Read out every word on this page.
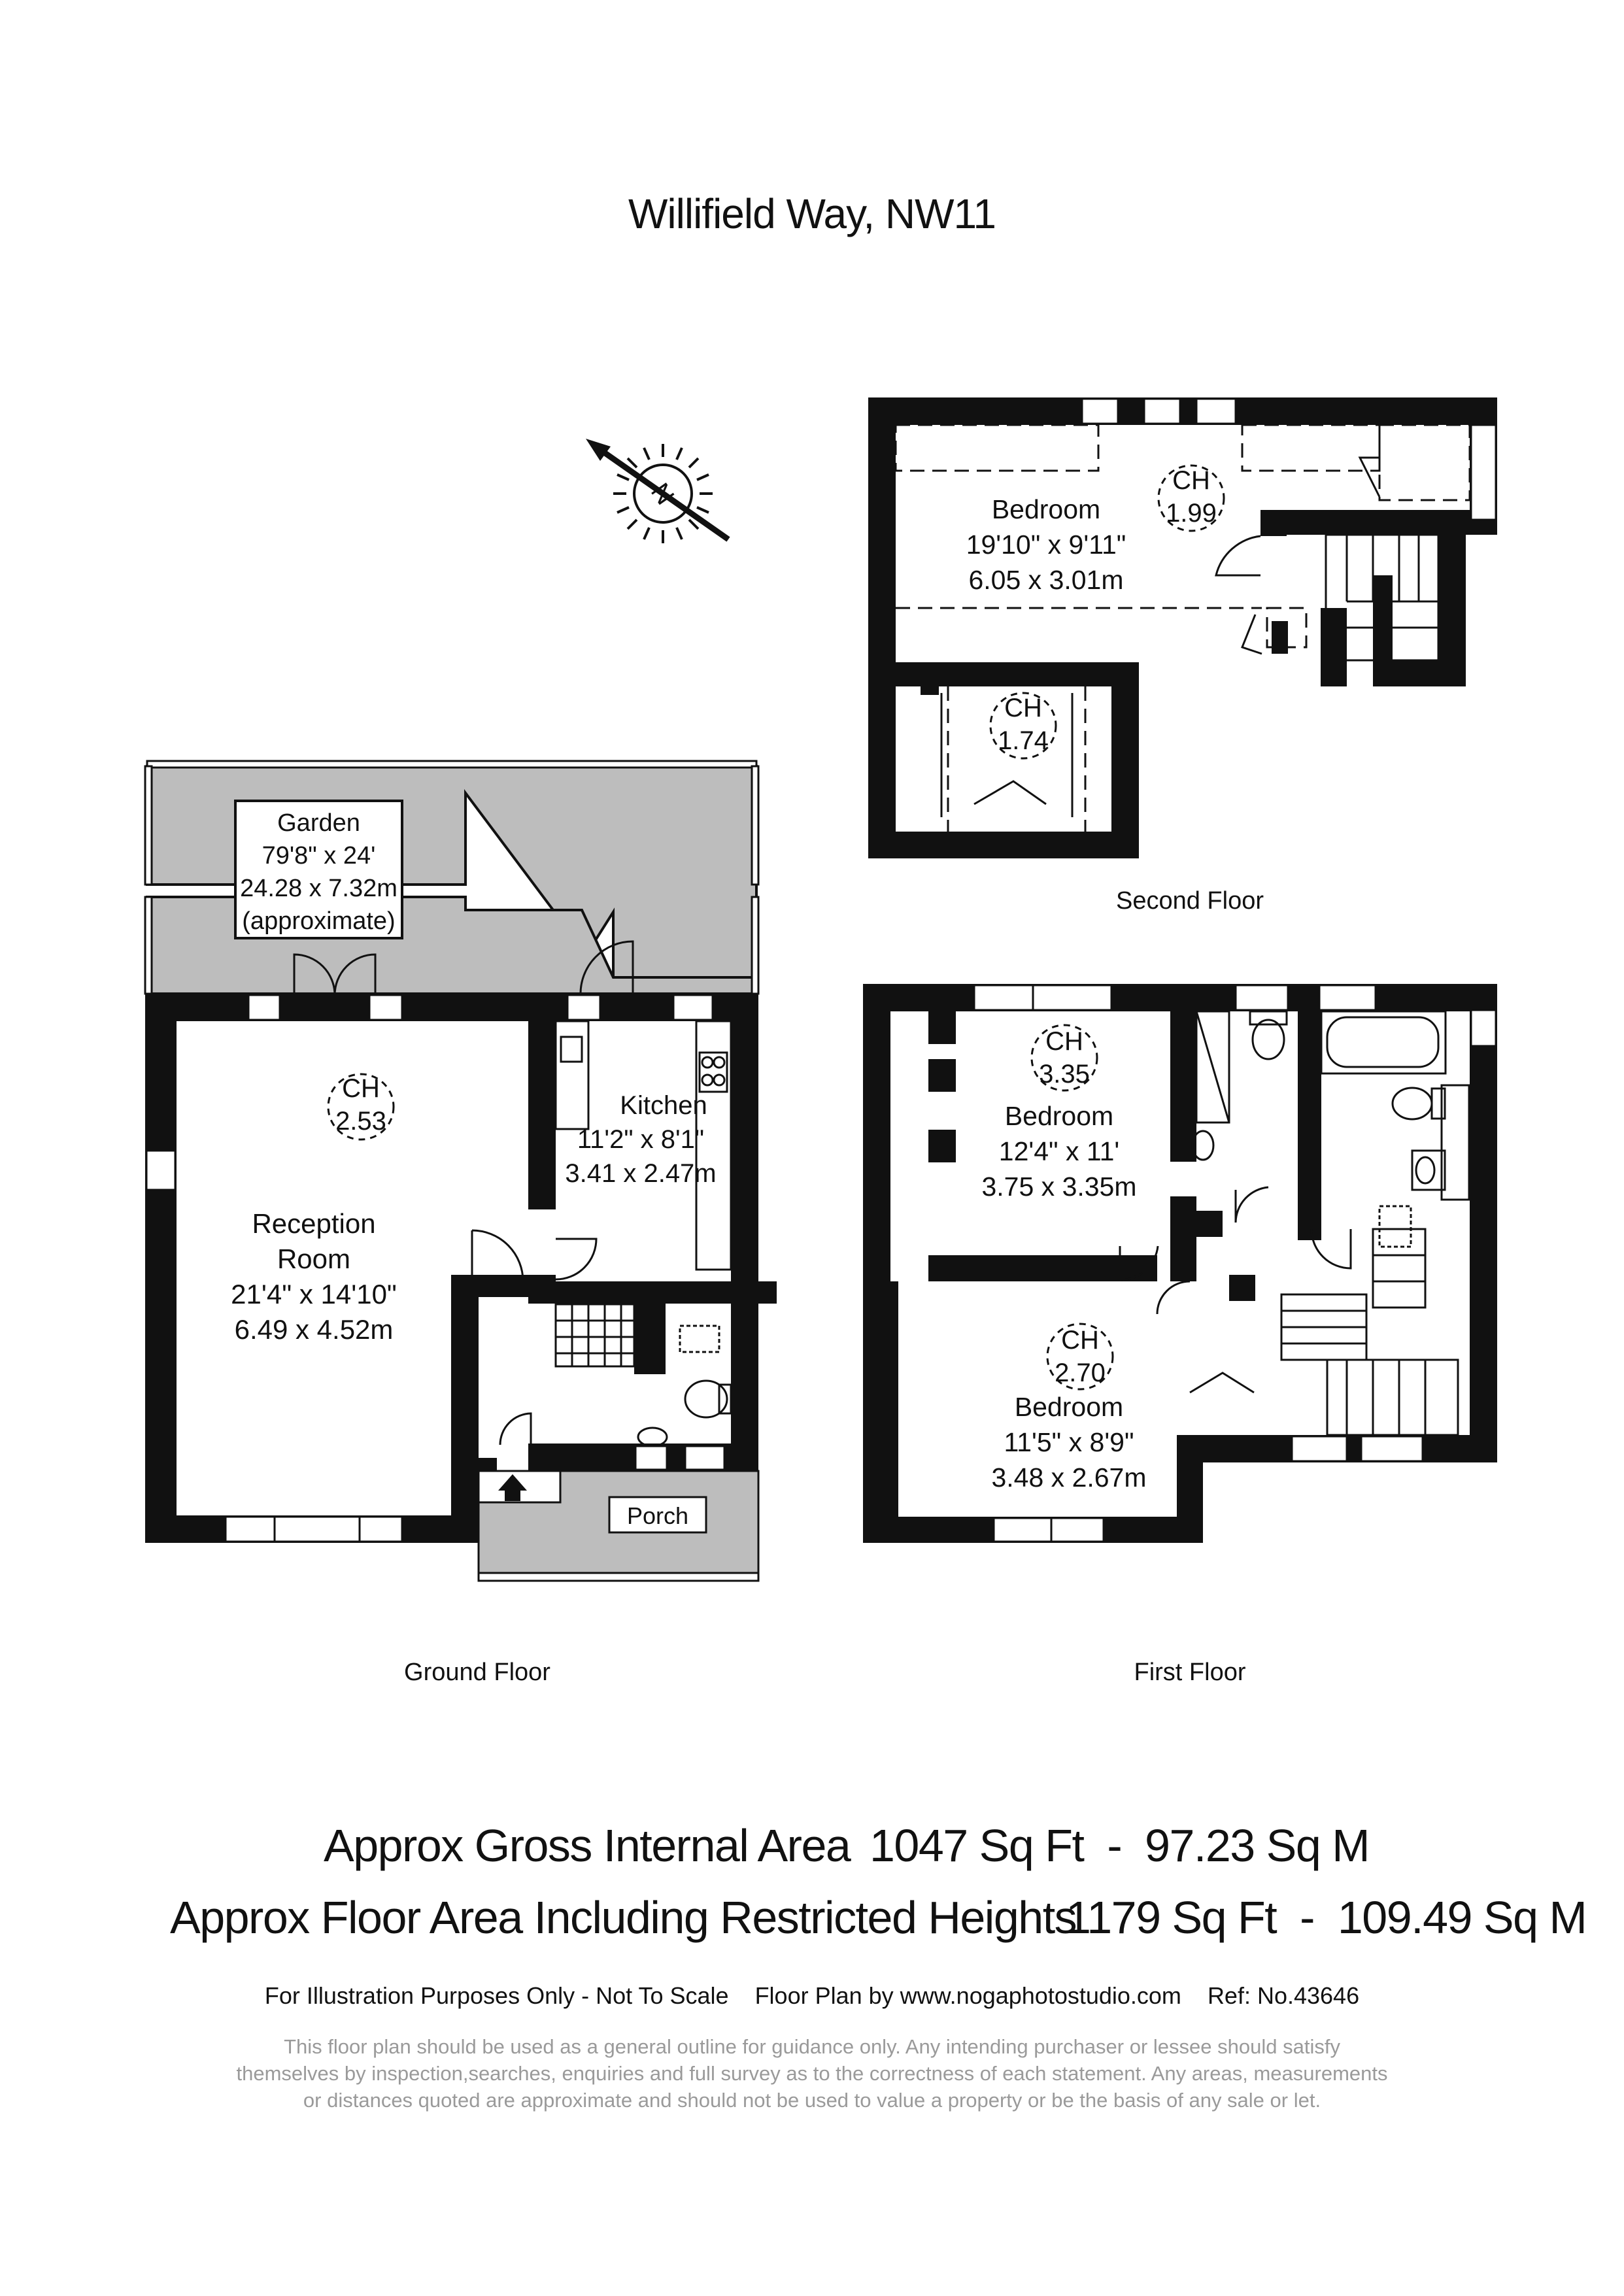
Willifield Way, NW11
N
Garden
79'8" x 24'
24.28 x 7.32m
(approximate)
CH
2.53
Reception
Room
21'4" x 14'10"
6.49 x 4.52m
Kitchen
11'2" x 8'1"
3.41 x 2.47m
Porch
CH
3.35
Bedroom
12'4" x 11'
3.75 x 3.35m
CH
2.70
Bedroom
11'5" x 8'9"
3.48 x 2.67m
CH
1.99
Bedroom
19'10" x 9'11"
6.05 x 3.01m
CH
1.74
Second Floor
Ground Floor	First Floor
Approx Gross Internal Area 1047 Sq Ft  -  97.23 Sq M
Approx Floor Area Including Restricted Heights
1179 Sq Ft  -  109.49 Sq M
For Illustration Purposes Only - Not To Scale Floor Plan by www.nogaphotostudio.com Ref: No.43646
This floor plan should be used as a general outline for guidance only. Any intending purchaser or lessee should satisfy
themselves by inspection,searches, enquiries and full survey as to the correctness of each statement. Any areas, measurements
or distances quoted are approximate and should not be used to value a property or be the basis of any sale or let.
